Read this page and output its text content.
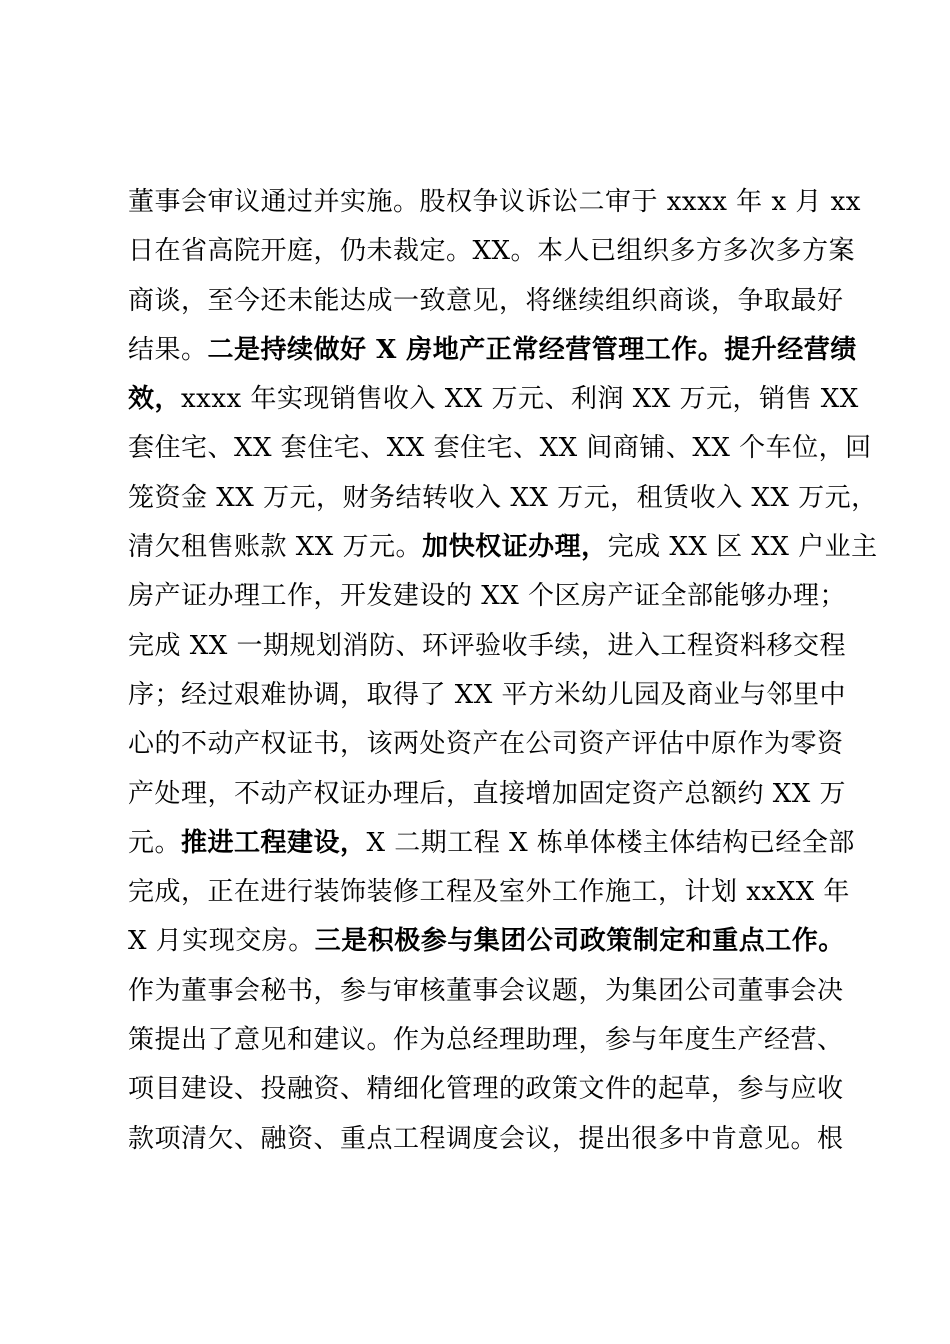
董事会审议通过并实施。股权争议诉讼二审于 xxxx 年 x 月 xx
日在省高院开庭，仍未裁定。XX。本人已组织多方多次多方案
商谈，至今还未能达成一致意见，将继续组织商谈，争取最好
结果。二是持续做好 X 房地产正常经营管理工作。提升经营绩
效，xxxx 年实现销售收入 XX 万元、利润 XX 万元，销售 XX
套住宅、XX 套住宅、XX 套住宅、XX 间商铺、XX 个车位，回
笼资金 XX 万元，财务结转收入 XX 万元，租赁收入 XX 万元，
清欠租售账款 XX 万元。加快权证办理，完成 XX 区 XX 户业主
房产证办理工作，开发建设的 XX 个区房产证全部能够办理；
完成 XX 一期规划消防、环评验收手续，进入工程资料移交程
序；经过艰难协调，取得了 XX 平方米幼儿园及商业与邻里中
心的不动产权证书，该两处资产在公司资产评估中原作为零资
产处理，不动产权证办理后，直接增加固定资产总额约 XX 万
元。推进工程建设，X 二期工程 X 栋单体楼主体结构已经全部
完成，正在进行装饰装修工程及室外工作施工，计划 xxXX 年
X 月实现交房。三是积极参与集团公司政策制定和重点工作。
作为董事会秘书，参与审核董事会议题，为集团公司董事会决
策提出了意见和建议。作为总经理助理，参与年度生产经营、
项目建设、投融资、精细化管理的政策文件的起草，参与应收
款项清欠、融资、重点工程调度会议，提出很多中肯意见。根
